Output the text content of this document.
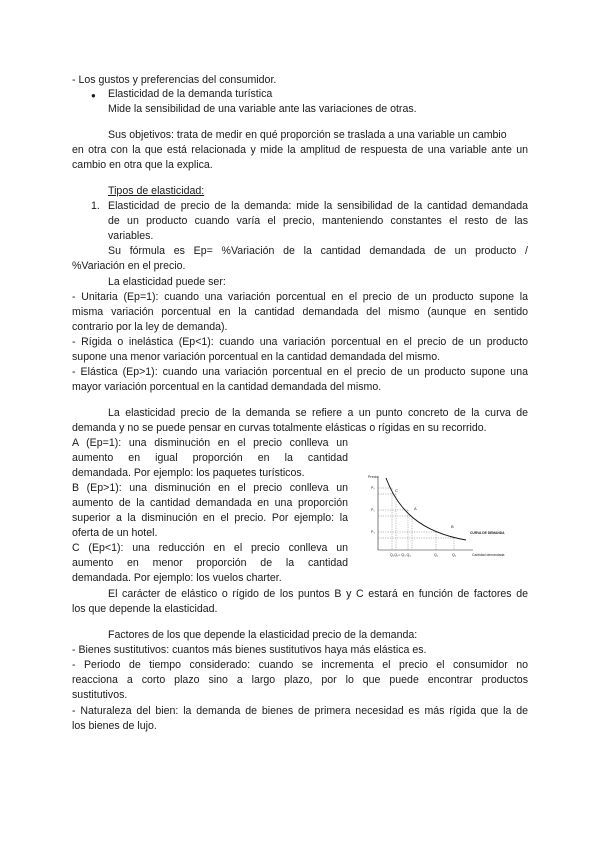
- Los gustos y preferencias del consumidor.
● Elasticidad de la demanda turística
Mide la sensibilidad de una variable ante las variaciones de otras.
Sus objetivos: trata de medir en qué proporción se traslada a una variable un cambio
en otra con la que está relacionada y mide la amplitud de respuesta de una variable ante un
cambio en otra que la explica.
Tipos de elasticidad:
1. Elasticidad de precio de la demanda: mide la sensibilidad de la cantidad demandada
de un producto cuando varía el precio, manteniendo constantes el resto de las
variables.
Su fórmula es Ep= %Variación de la cantidad demandada de un producto /
%Variación en el precio.
La elasticidad puede ser:
- Unitaria (Ep=1): cuando una variación porcentual en el precio de un producto supone la
misma variación porcentual en la cantidad demandada del mismo (aunque en sentido
contrario por la ley de demanda).
- Rígida o inelástica (Ep<1): cuando una variación porcentual en el precio de un producto
supone una menor variación porcentual en la cantidad demandada del mismo.
- Elástica (Ep>1): cuando una variación porcentual en el precio de un producto supone una
mayor variación porcentual en la cantidad demandada del mismo.
La elasticidad precio de la demanda se refiere a un punto concreto de la curva de
demanda y no se puede pensar en curvas totalmente elásticas o rígidas en su recorrido.
A (Ep=1): una disminución en el precio conlleva un
aumento en igual proporción en la cantidad
demandada. Por ejemplo: los paquetes turísticos.
B (Ep>1): una disminución en el precio conlleva un
aumento de la cantidad demandada en una proporción
superior a la disminución en el precio. Por ejemplo: la
oferta de un hotel.
C (Ep<1): una reducción en el precio conlleva un
aumento en menor proporción de la cantidad
demandada. Por ejemplo: los vuelos charter.
Precio
P₂
P₁
P₃
C
A
B
CURVA DE DEMANDA
Q₂Q₁= Q₃ Q₄	Q₁	Q₂	Cantidad demandada
El carácter de elástico o rígido de los puntos B y C estará en función de factores de
los que depende la elasticidad.
Factores de los que depende la elasticidad precio de la demanda:
- Bienes sustitutivos: cuantos más bienes sustitutivos haya más elástica es.
- Periodo de tiempo considerado: cuando se incrementa el precio el consumidor no
reacciona a corto plazo sino a largo plazo, por lo que puede encontrar productos
sustitutivos.
- Naturaleza del bien: la demanda de bienes de primera necesidad es más rígida que la de
los bienes de lujo.
